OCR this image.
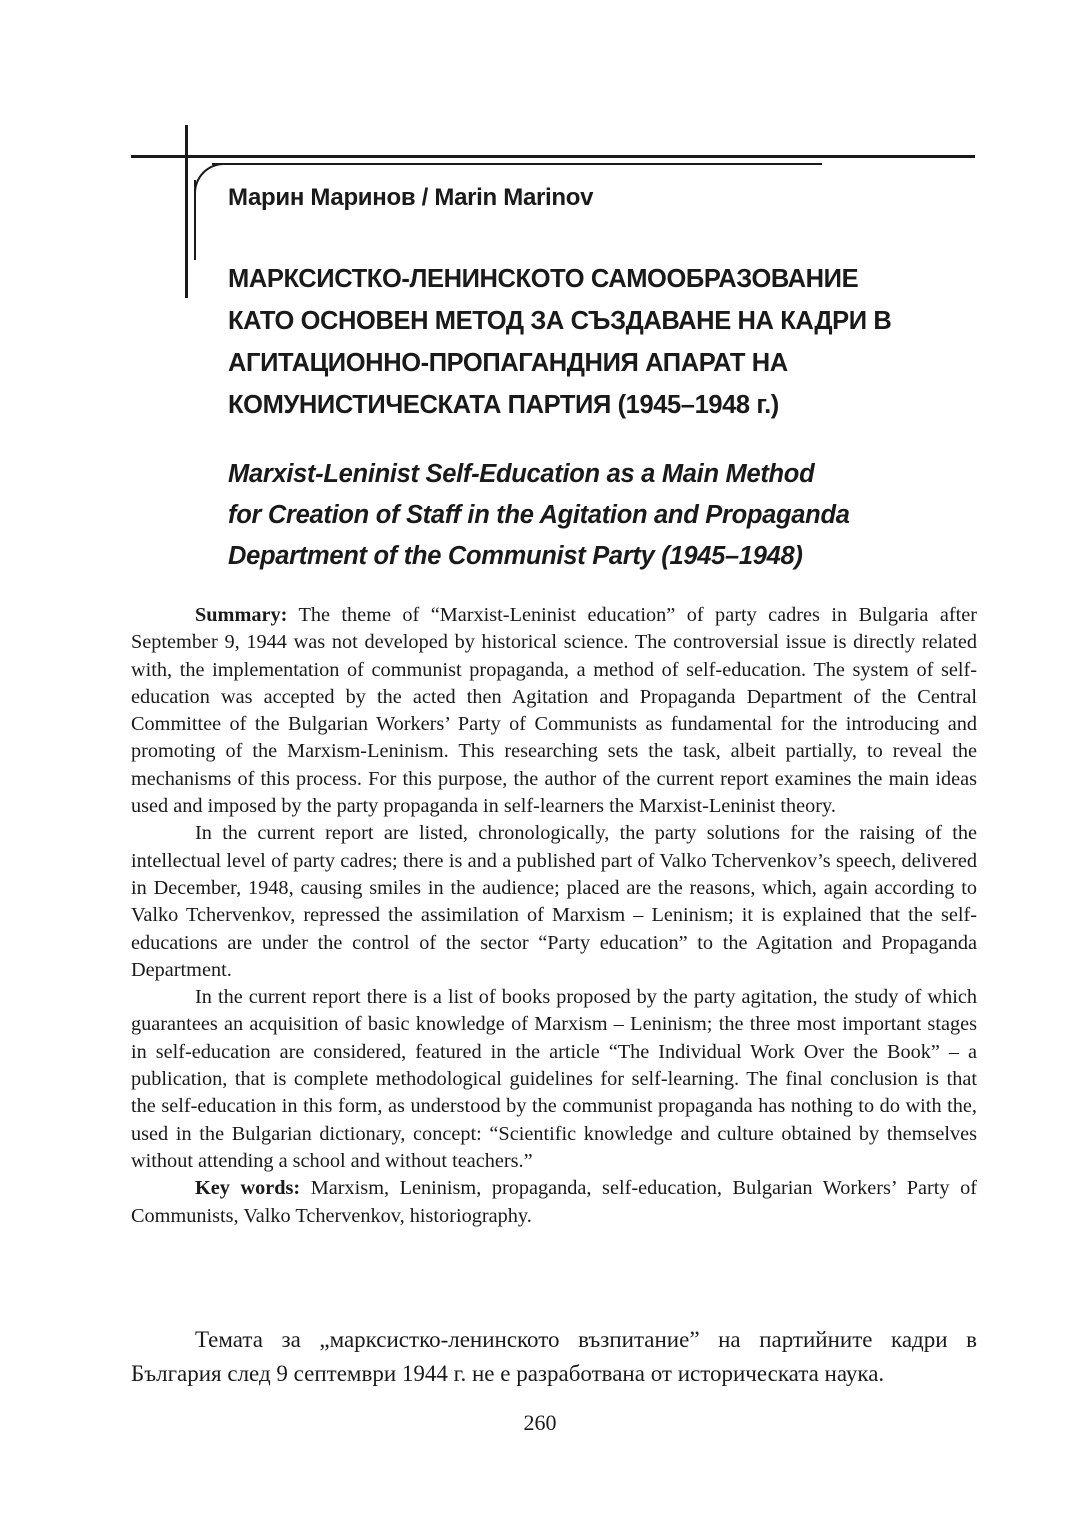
Марин Маринов / Marin Marinov
МАРКСИСТКО-ЛЕНИНСКОТО САМООБРАЗОВАНИЕ
КАТО ОСНОВЕН МЕТОД ЗА СЪЗДАВАНЕ НА КАДРИ В
АГИТАЦИОННО-ПРОПАГАНДНИЯ АПАРАТ НА
КОМУНИСТИЧЕСКАТА ПАРТИЯ (1945–1948 г.)
Marxist-Leninist Self-Education as a Main Method
for Creation of Staff in the Agitation and Propaganda
Department of the Communist Party (1945–1948)

Summary: The theme of “Marxist-Leninist education” of party cadres in Bulgaria after September 9, 1944 was not developed by historical science. The controversial issue is directly related with, the implementation of communist propaganda, a method of self-education. The system of self-education was accepted by the acted then Agitation and Propaganda Department of the Central Committee of the Bulgarian Workers’ Party of Communists as fundamental for the introducing and promoting of the Marxism-Leninism. This researching sets the task, albeit partially, to reveal the mechanisms of this process. For this purpose, the author of the current report examines the main ideas used and imposed by the party propaganda in self-learners the Marxist-Leninist theory.

In the current report are listed, chronologically, the party solutions for the raising of the intellectual level of party cadres; there is and a published part of Valko Tchervenkov’s speech, delivered in December, 1948, causing smiles in the audience; placed are the reasons, which, again according to Valko Tchervenkov, repressed the assimilation of Marxism – Leninism; it is explained that the self-educations are under the control of the sector “Party education” to the Agitation and Propaganda Department.

In the current report there is a list of books proposed by the party agitation, the study of which guarantees an acquisition of basic knowledge of Marxism – Leninism; the three most important stages in self-education are considered, featured in the article “The Individual Work Over the Book” – a publication, that is complete methodological guidelines for self-learning. The final conclusion is that the self-education in this form, as understood by the communist propaganda has nothing to do with the, used in the Bulgarian dictionary, concept: “Scientific knowledge and culture obtained by themselves without attending a school and without teachers.”

Key words: Marxism, Leninism, propaganda, self-education, Bulgarian Workers’ Party of Communists, Valko Tchervenkov, historiography.

Темата за „марксистко-ленинското възпитание” на партийните кадри в България след 9 септември 1944 г. не е разработвана от историческата наука.

260
